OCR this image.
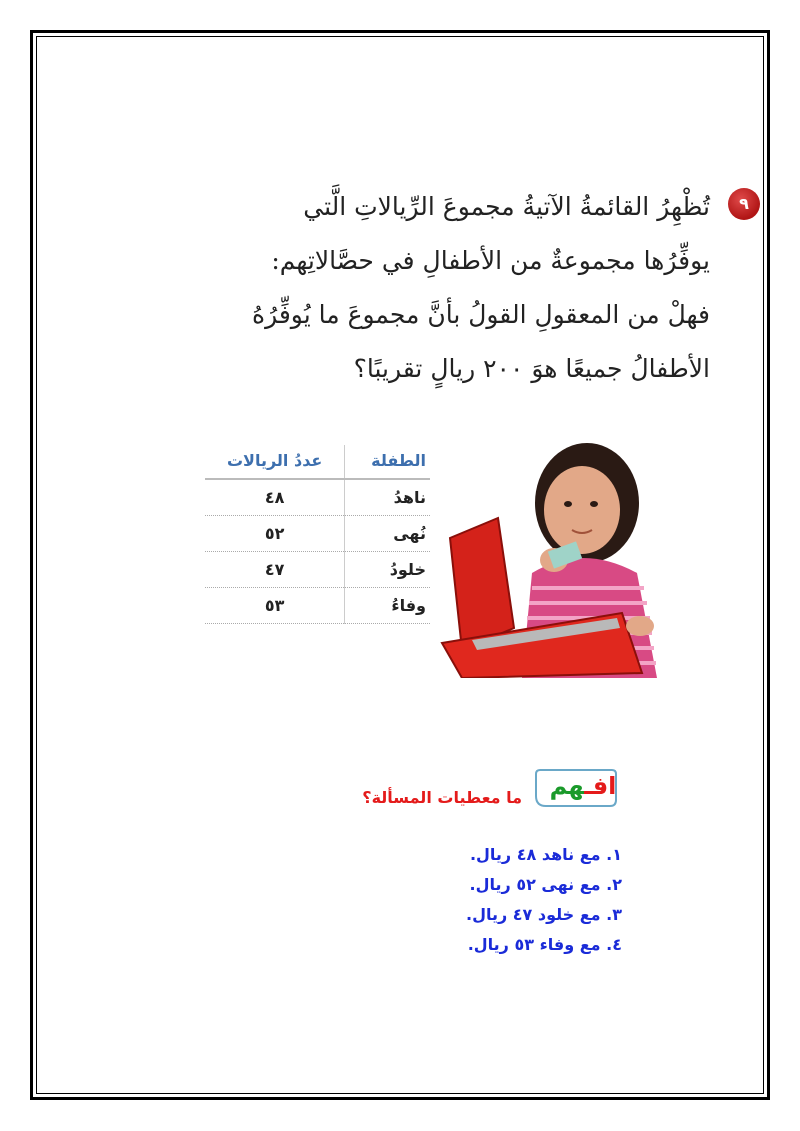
٩
تُظْهِرُ القائمةُ الآتيةُ مجموعَ الرِّيالاتِ الَّتي
يوفِّرُها مجموعةٌ من الأطفالِ في حصَّالاتِهم:
فهلْ من المعقولِ القولُ بأنَّ مجموعَ ما يُوفِّرُهُ
الأطفالُ جميعًا هوَ ٢٠٠ ريالٍ تقريبًا؟
الطفلة	عددُ الريالات
ناهدُ	٤٨
نُهى	٥٢
خلودُ	٤٧
وفاءُ	٥٣
افـهم
ما معطيات المسألة؟
١. مع ناهد ٤٨ ريال.
٢. مع نهى ٥٢ ريال.
٣. مع خلود ٤٧ ريال.
٤. مع وفاء ٥٣ ريال.
